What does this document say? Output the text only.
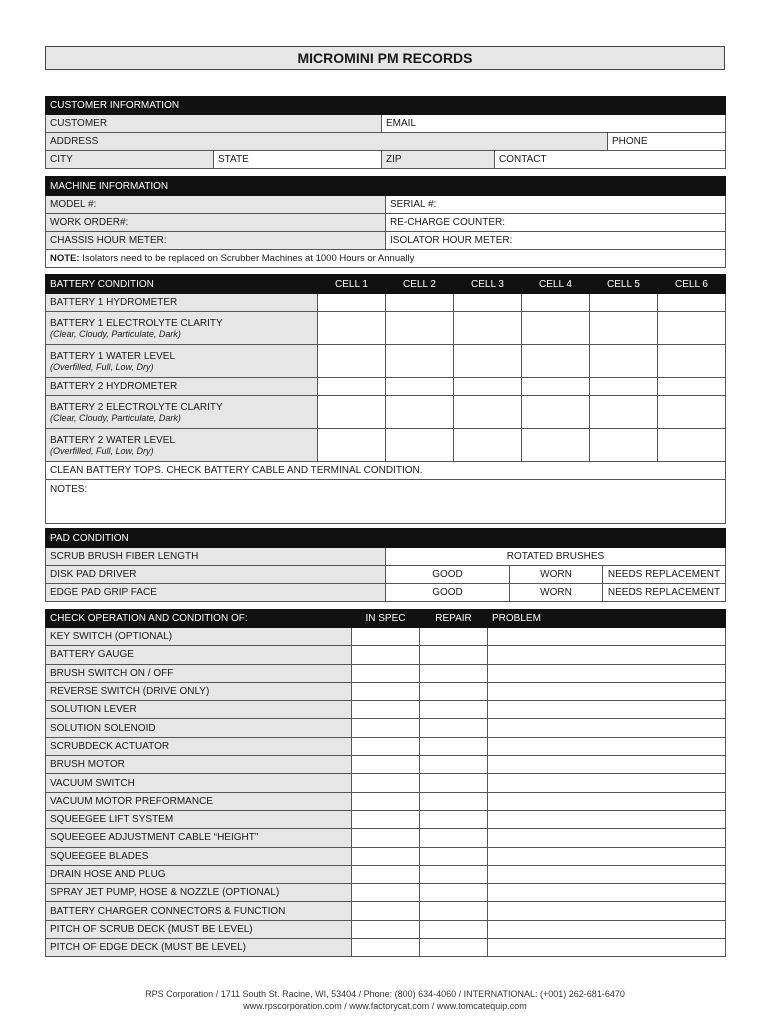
MICROMINI PM RECORDS
CUSTOMER INFORMATION				
CUSTOMER		EMAIL		
ADDRESS				PHONE
CITY	STATE	ZIP	CONTACT	
MACHINE INFORMATION	
MODEL #:	SERIAL #:
WORK ORDER#:	RE-CHARGE COUNTER:
CHASSIS HOUR METER:	ISOLATOR HOUR METER:
NOTE: Isolators need to be replaced on Scrubber Machines at 1000 Hours or Annually	
BATTERY CONDITION	CELL 1	CELL 2	CELL 3	CELL 4	CELL 5	CELL 6
BATTERY 1 HYDROMETER						
BATTERY 1 ELECTROLYTE CLARITY
(Clear, Cloudy, Particulate, Dark)						

BATTERY 1 WATER LEVEL
(Overfilled, Full, Low, Dry)						

BATTERY 2 HYDROMETER						
BATTERY 2 ELECTROLYTE CLARITY
(Clear, Cloudy, Particulate, Dark)						

BATTERY 2 WATER LEVEL
(Overfilled, Full, Low, Dry)						

CLEAN BATTERY TOPS. CHECK BATTERY CABLE AND TERMINAL CONDITION.						
NOTES:						
PAD CONDITION			
SCRUB BRUSH FIBER LENGTH	ROTATED BRUSHES		
DISK PAD DRIVER	GOOD	WORN	NEEDS REPLACEMENT
EDGE PAD GRIP FACE	GOOD	WORN	NEEDS REPLACEMENT
CHECK OPERATION AND CONDITION OF:	IN SPEC	REPAIR	PROBLEM
KEY SWITCH (OPTIONAL)			
BATTERY GAUGE			
BRUSH SWITCH ON / OFF			
REVERSE SWITCH (DRIVE ONLY)			
SOLUTION LEVER			
SOLUTION SOLENOID			
SCRUBDECK ACTUATOR			
BRUSH MOTOR			
VACUUM SWITCH			
VACUUM MOTOR PREFORMANCE			
SQUEEGEE LIFT SYSTEM			
SQUEEGEE ADJUSTMENT CABLE “HEIGHT”			
SQUEEGEE BLADES			
DRAIN HOSE AND PLUG			
SPRAY JET PUMP, HOSE & NOZZLE (OPTIONAL)			
BATTERY CHARGER CONNECTORS & FUNCTION			
PITCH OF SCRUB DECK (MUST BE LEVEL)			
PITCH OF EDGE DECK (MUST BE LEVEL)			
RPS Corporation / 1711 South St. Racine, WI, 53404 / Phone: (800) 634-4060 / INTERNATIONAL: (+001) 262-681-6470
www.rpscorporation.com / www.factorycat.com / www.tomcatequip.com
